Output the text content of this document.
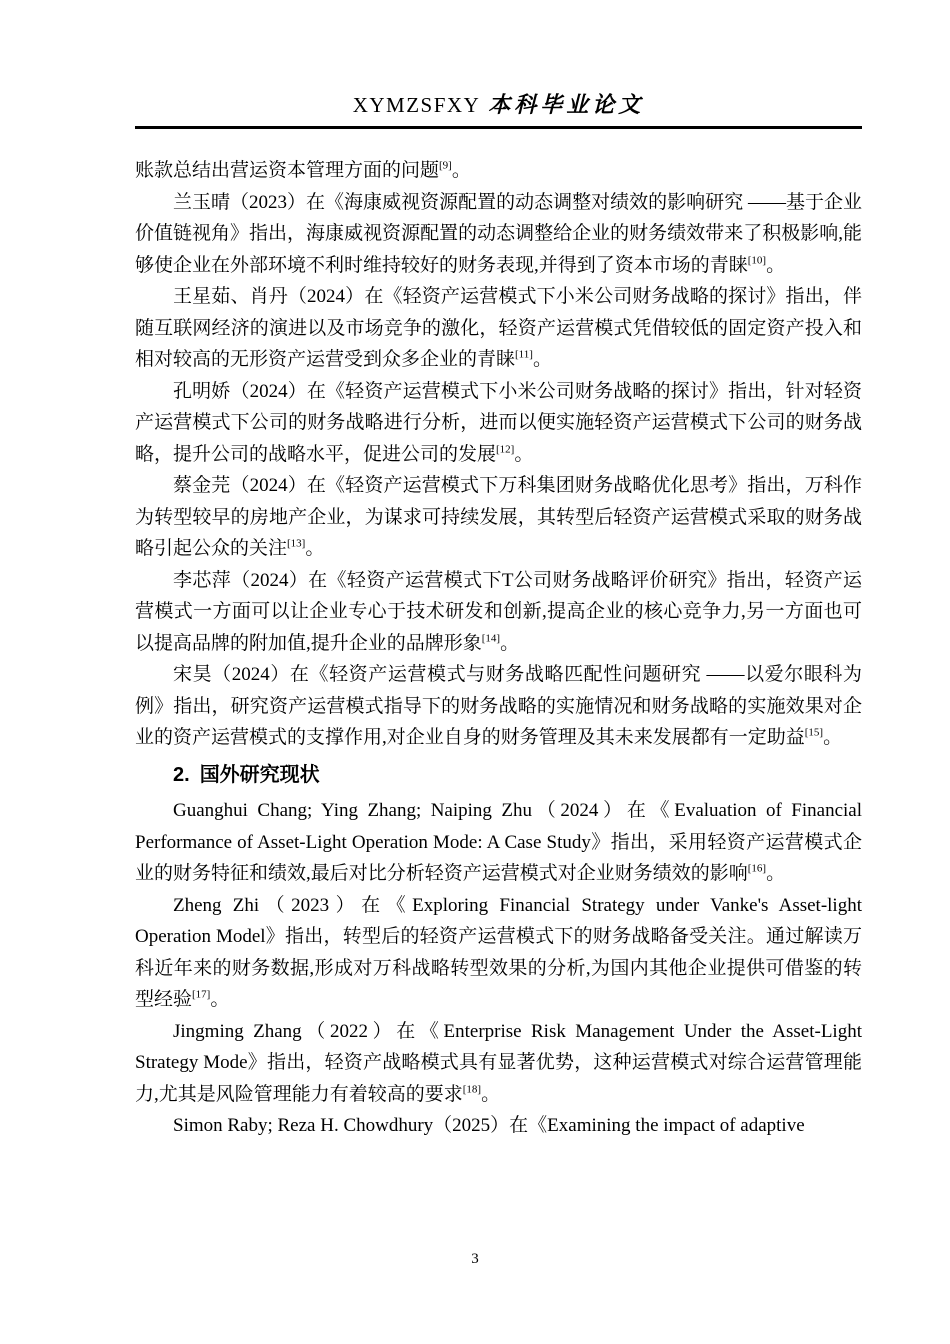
XYMZSFXY 本科毕业论文

账款总结出营运资本管理方面的问题[9]。

兰玉晴（2023）在《海康威视资源配置的动态调整对绩效的影响研究 ——基于企业价值链视角》指出，海康威视资源配置的动态调整给企业的财务绩效带来了积极影响,能够使企业在外部环境不利时维持较好的财务表现,并得到了资本市场的青睐[10]。

王星茹、肖丹（2024）在《轻资产运营模式下小米公司财务战略的探讨》指出，伴随互联网经济的演进以及市场竞争的激化，轻资产运营模式凭借较低的固定资产投入和相对较高的无形资产运营受到众多企业的青睐[11]。

孔明娇（2024）在《轻资产运营模式下小米公司财务战略的探讨》指出，针对轻资产运营模式下公司的财务战略进行分析，进而以便实施轻资产运营模式下公司的财务战略，提升公司的战略水平，促进公司的发展[12]。

蔡金芫（2024）在《轻资产运营模式下万科集团财务战略优化思考》指出，万科作为转型较早的房地产企业，为谋求可持续发展，其转型后轻资产运营模式采取的财务战略引起公众的关注[13]。

李芯萍（2024）在《轻资产运营模式下T公司财务战略评价研究》指出，轻资产运营模式一方面可以让企业专心于技术研发和创新,提高企业的核心竞争力,另一方面也可以提高品牌的附加值,提升企业的品牌形象[14]。

宋昊（2024）在《轻资产运营模式与财务战略匹配性问题研究 ——以爱尔眼科为例》指出，研究资产运营模式指导下的财务战略的实施情况和财务战略的实施效果对企业的资产运营模式的支撑作用,对企业自身的财务管理及其未来发展都有一定助益[15]。

2. 国外研究现状

Guanghui Chang; Ying Zhang; Naiping Zhu（2024）在《Evaluation of Financial Performance of Asset-Light Operation Mode: A Case Study》指出，采用轻资产运营模式企业的财务特征和绩效,最后对比分析轻资产运营模式对企业财务绩效的影响[16]。

Zheng Zhi（2023）在《Exploring Financial Strategy under Vanke's Asset-light Operation Model》指出，转型后的轻资产运营模式下的财务战略备受关注。通过解读万科近年来的财务数据,形成对万科战略转型效果的分析,为国内其他企业提供可借鉴的转型经验[17]。

Jingming Zhang（2022）在《Enterprise Risk Management Under the Asset-Light Strategy Mode》指出，轻资产战略模式具有显著优势，这种运营模式对综合运营管理能力,尤其是风险管理能力有着较高的要求[18]。

Simon Raby; Reza H. Chowdhury（2025）在《Examining the impact of adaptive

3
